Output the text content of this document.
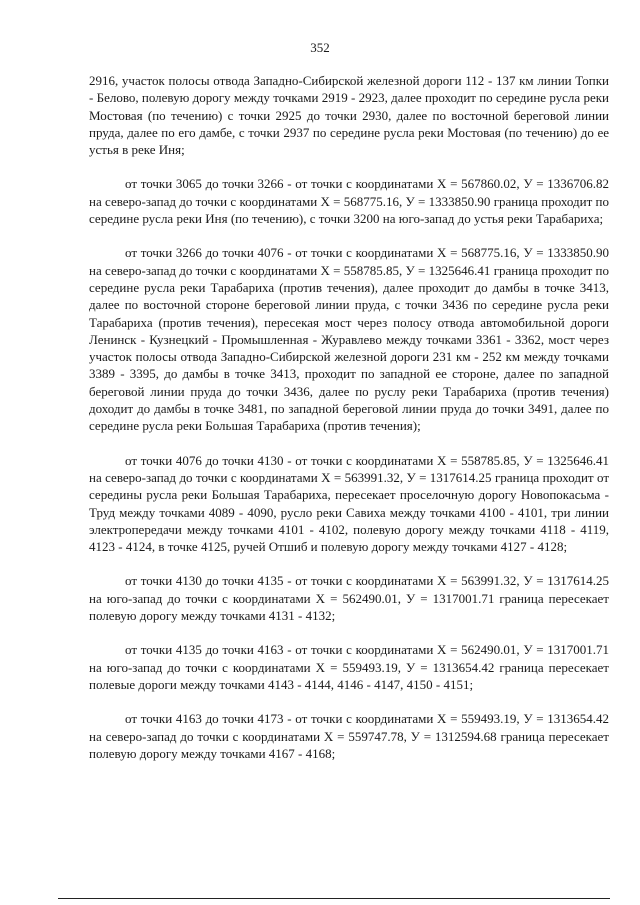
352

2916, участок полосы отвода Западно-Сибирской железной дороги 112 - 137 км линии Топки - Белово, полевую дорогу между точками 2919 - 2923, далее проходит по середине русла реки Мостовая (по течению) с точки 2925 до точки 2930, далее по восточной береговой линии пруда, далее по его дамбе, с точки 2937 по середине русла реки Мостовая (по течению) до ее устья в реке Иня;

от точки 3065 до точки 3266 - от точки с координатами Х = 567860.02, У = 1336706.82 на северо-запад до точки с координатами Х = 568775.16, У = 1333850.90 граница проходит по середине русла реки Иня (по течению), с точки 3200 на юго-запад до устья реки Тарабариха;

от точки 3266 до точки 4076 - от точки с координатами Х = 568775.16, У = 1333850.90 на северо-запад до точки с координатами Х = 558785.85, У = 1325646.41 граница проходит по середине русла реки Тарабариха (против течения), далее проходит до дамбы в точке 3413, далее по восточной стороне береговой линии пруда, с точки 3436 по середине русла реки Тарабариха (против течения), пересекая мост через полосу отвода автомобильной дороги Ленинск - Кузнецкий - Промышленная - Журавлево между точками 3361 - 3362, мост через участок полосы отвода Западно-Сибирской железной дороги 231 км - 252 км между точками 3389 - 3395, до дамбы в точке 3413, проходит по западной ее стороне, далее по западной береговой линии пруда до точки 3436, далее по руслу реки Тарабариха (против течения) доходит до дамбы в точке 3481, по западной береговой линии пруда до точки 3491, далее по середине русла реки Большая Тарабариха (против течения);

от точки 4076 до точки 4130 - от точки с координатами Х = 558785.85, У = 1325646.41 на северо-запад до точки с координатами Х = 563991.32, У = 1317614.25 граница проходит от середины русла реки Большая Тарабариха, пересекает проселочную дорогу Новопокасьма - Труд между точками 4089 - 4090, русло реки Савиха между точками 4100 - 4101, три линии электропередачи между точками 4101 - 4102, полевую дорогу между точками 4118 - 4119, 4123 - 4124, в точке 4125, ручей Отшиб и полевую дорогу между точками 4127 - 4128;

от точки 4130 до точки 4135 - от точки с координатами Х = 563991.32, У = 1317614.25 на юго-запад до точки с координатами Х = 562490.01, У = 1317001.71 граница пересекает полевую дорогу между точками 4131 - 4132;

от точки 4135 до точки 4163 - от точки с координатами Х = 562490.01, У = 1317001.71 на юго-запад до точки с координатами Х = 559493.19, У = 1313654.42 граница пересекает полевые дороги между точками 4143 - 4144, 4146 - 4147, 4150 - 4151;

от точки 4163 до точки 4173 - от точки с координатами Х = 559493.19, У = 1313654.42 на северо-запад до точки с координатами Х = 559747.78, У = 1312594.68 граница пересекает полевую дорогу между точками 4167 - 4168;
